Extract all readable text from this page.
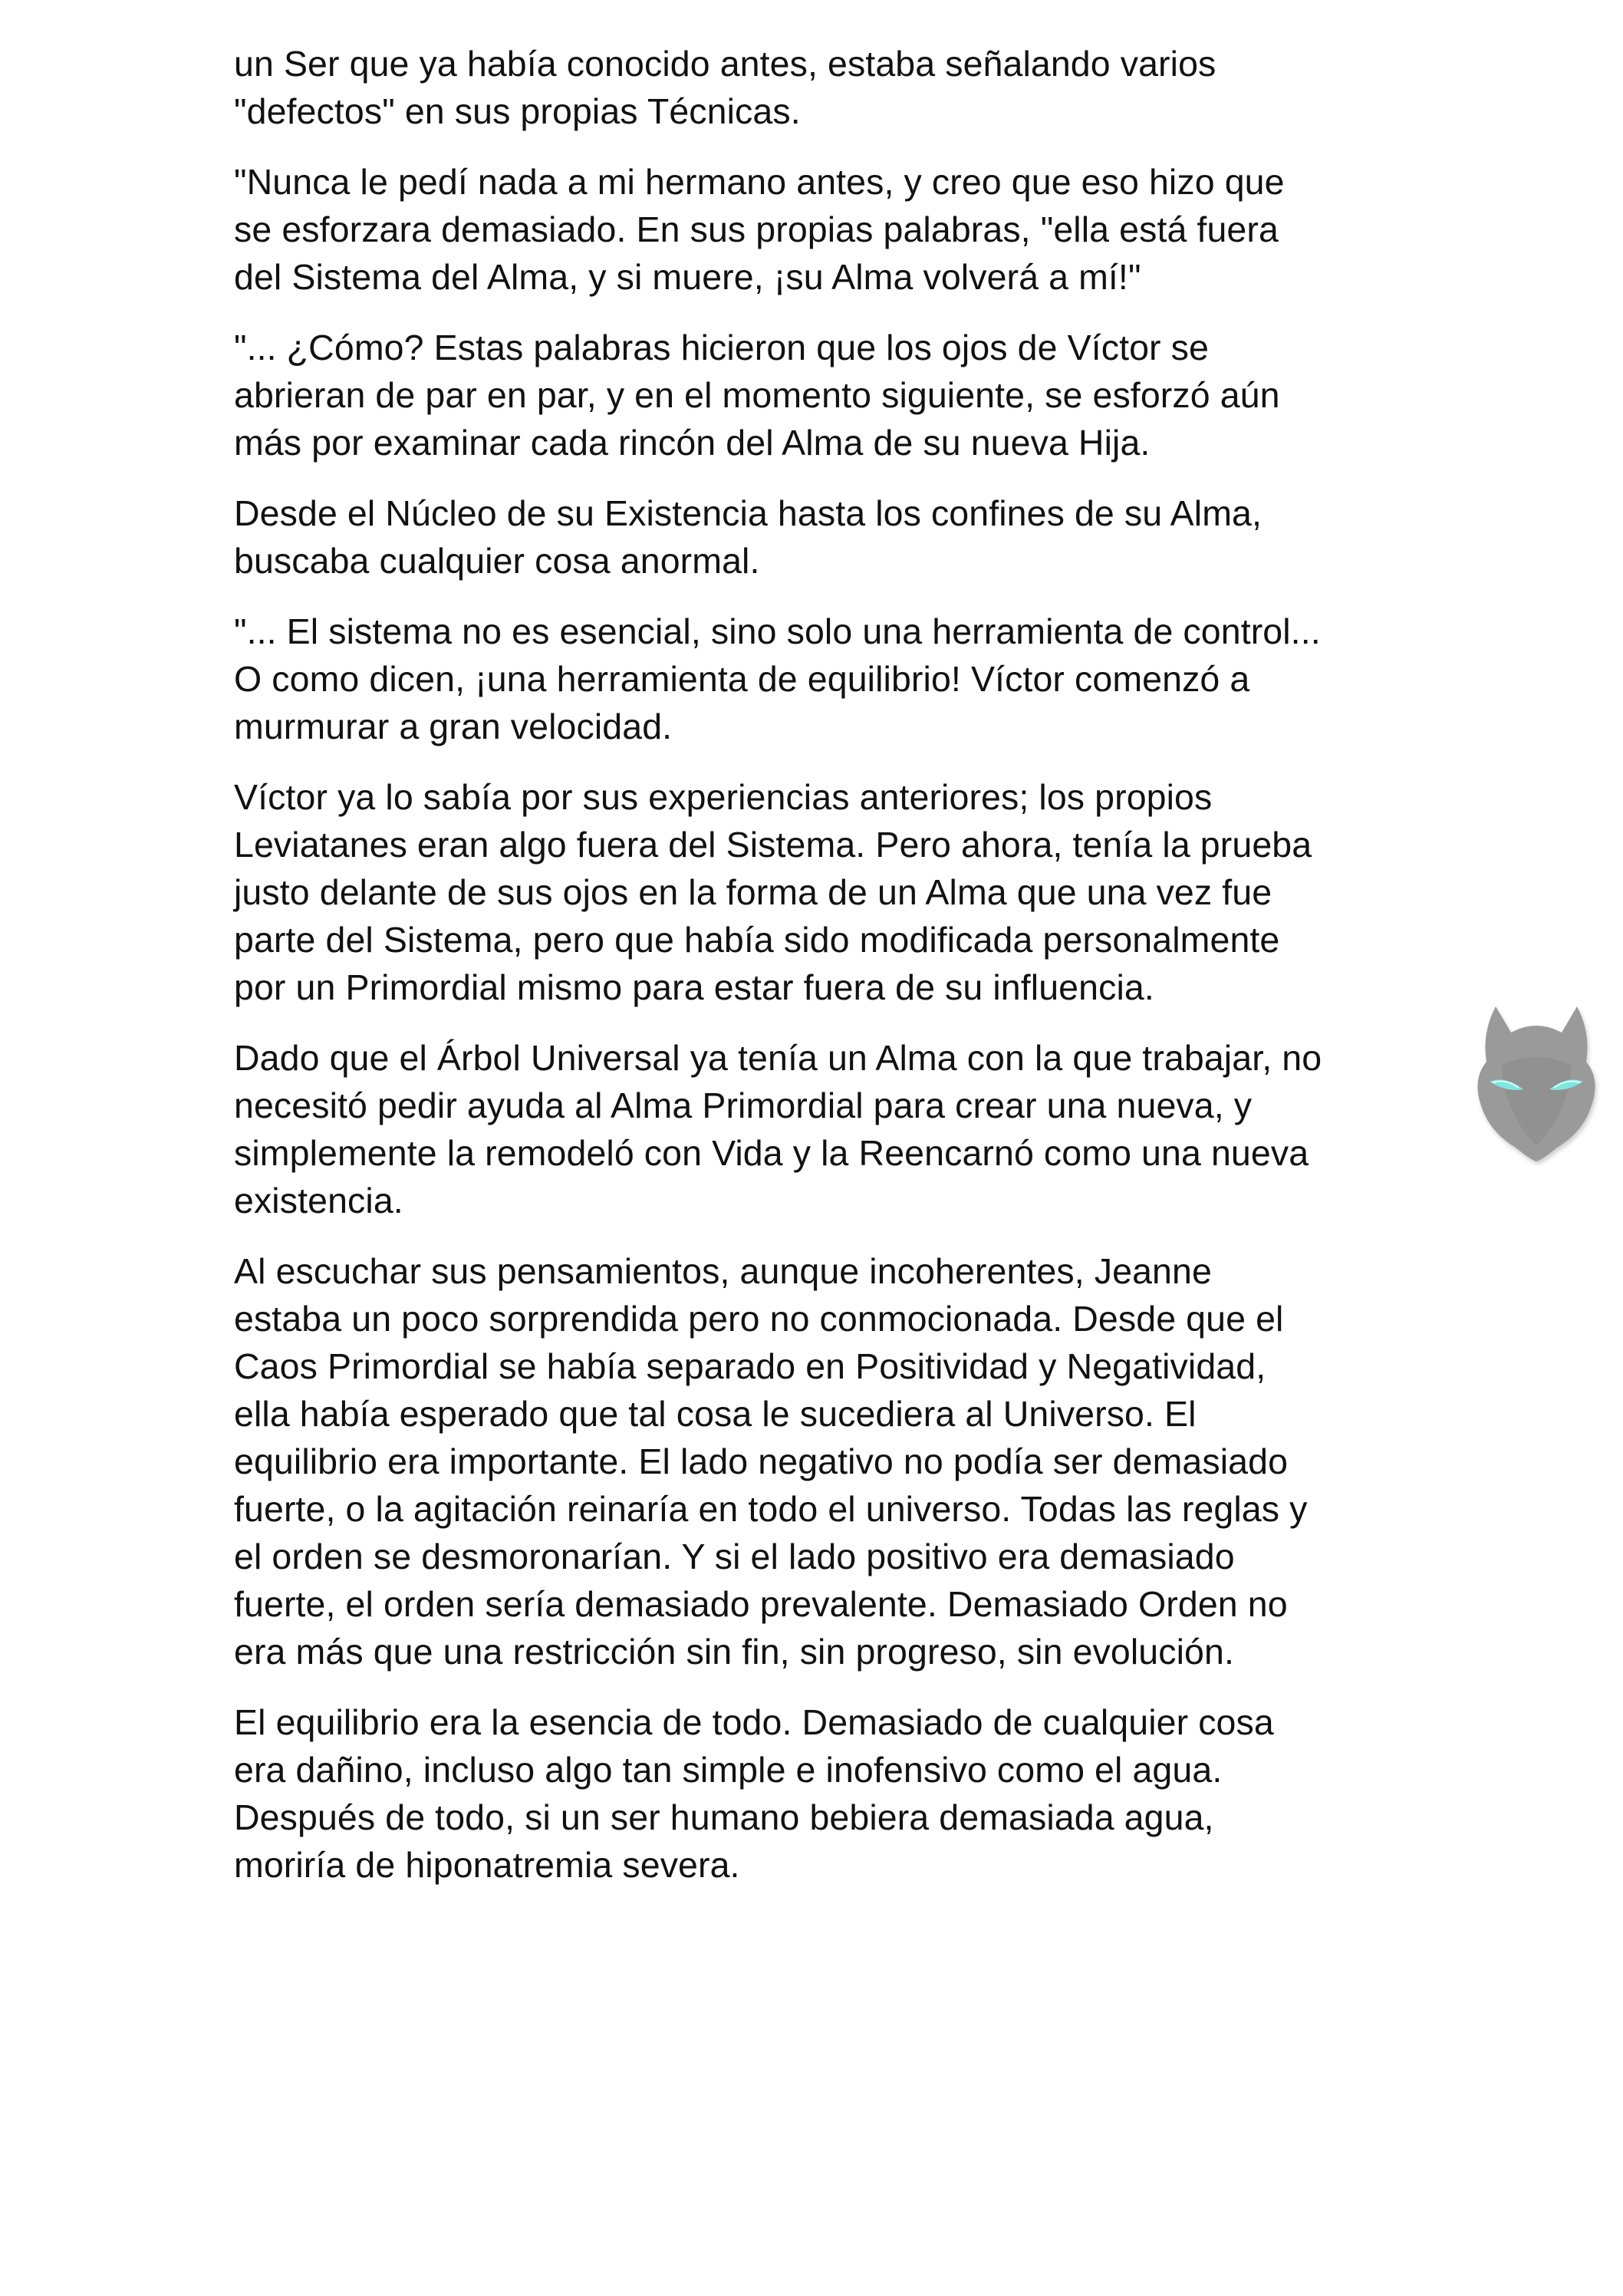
un Ser que ya había conocido antes, estaba señalando varios
"defectos" en sus propias Técnicas.

"Nunca le pedí nada a mi hermano antes, y creo que eso hizo que
se esforzara demasiado. En sus propias palabras, "ella está fuera
del Sistema del Alma, y si muere, ¡su Alma volverá a mí!"

"... ¿Cómo? Estas palabras hicieron que los ojos de Víctor se
abrieran de par en par, y en el momento siguiente, se esforzó aún
más por examinar cada rincón del Alma de su nueva Hija.

Desde el Núcleo de su Existencia hasta los confines de su Alma,
buscaba cualquier cosa anormal.

"... El sistema no es esencial, sino solo una herramienta de control...
O como dicen, ¡una herramienta de equilibrio! Víctor comenzó a
murmurar a gran velocidad.

Víctor ya lo sabía por sus experiencias anteriores; los propios
Leviatanes eran algo fuera del Sistema. Pero ahora, tenía la prueba
justo delante de sus ojos en la forma de un Alma que una vez fue
parte del Sistema, pero que había sido modificada personalmente
por un Primordial mismo para estar fuera de su influencia.

Dado que el Árbol Universal ya tenía un Alma con la que trabajar, no
necesitó pedir ayuda al Alma Primordial para crear una nueva, y
simplemente la remodeló con Vida y la Reencarnó como una nueva
existencia.

Al escuchar sus pensamientos, aunque incoherentes, Jeanne
estaba un poco sorprendida pero no conmocionada. Desde que el
Caos Primordial se había separado en Positividad y Negatividad,
ella había esperado que tal cosa le sucediera al Universo. El
equilibrio era importante. El lado negativo no podía ser demasiado
fuerte, o la agitación reinaría en todo el universo. Todas las reglas y
el orden se desmoronarían. Y si el lado positivo era demasiado
fuerte, el orden sería demasiado prevalente. Demasiado Orden no
era más que una restricción sin fin, sin progreso, sin evolución.

El equilibrio era la esencia de todo. Demasiado de cualquier cosa
era dañino, incluso algo tan simple e inofensivo como el agua.
Después de todo, si un ser humano bebiera demasiada agua,
moriría de hiponatremia severa.
